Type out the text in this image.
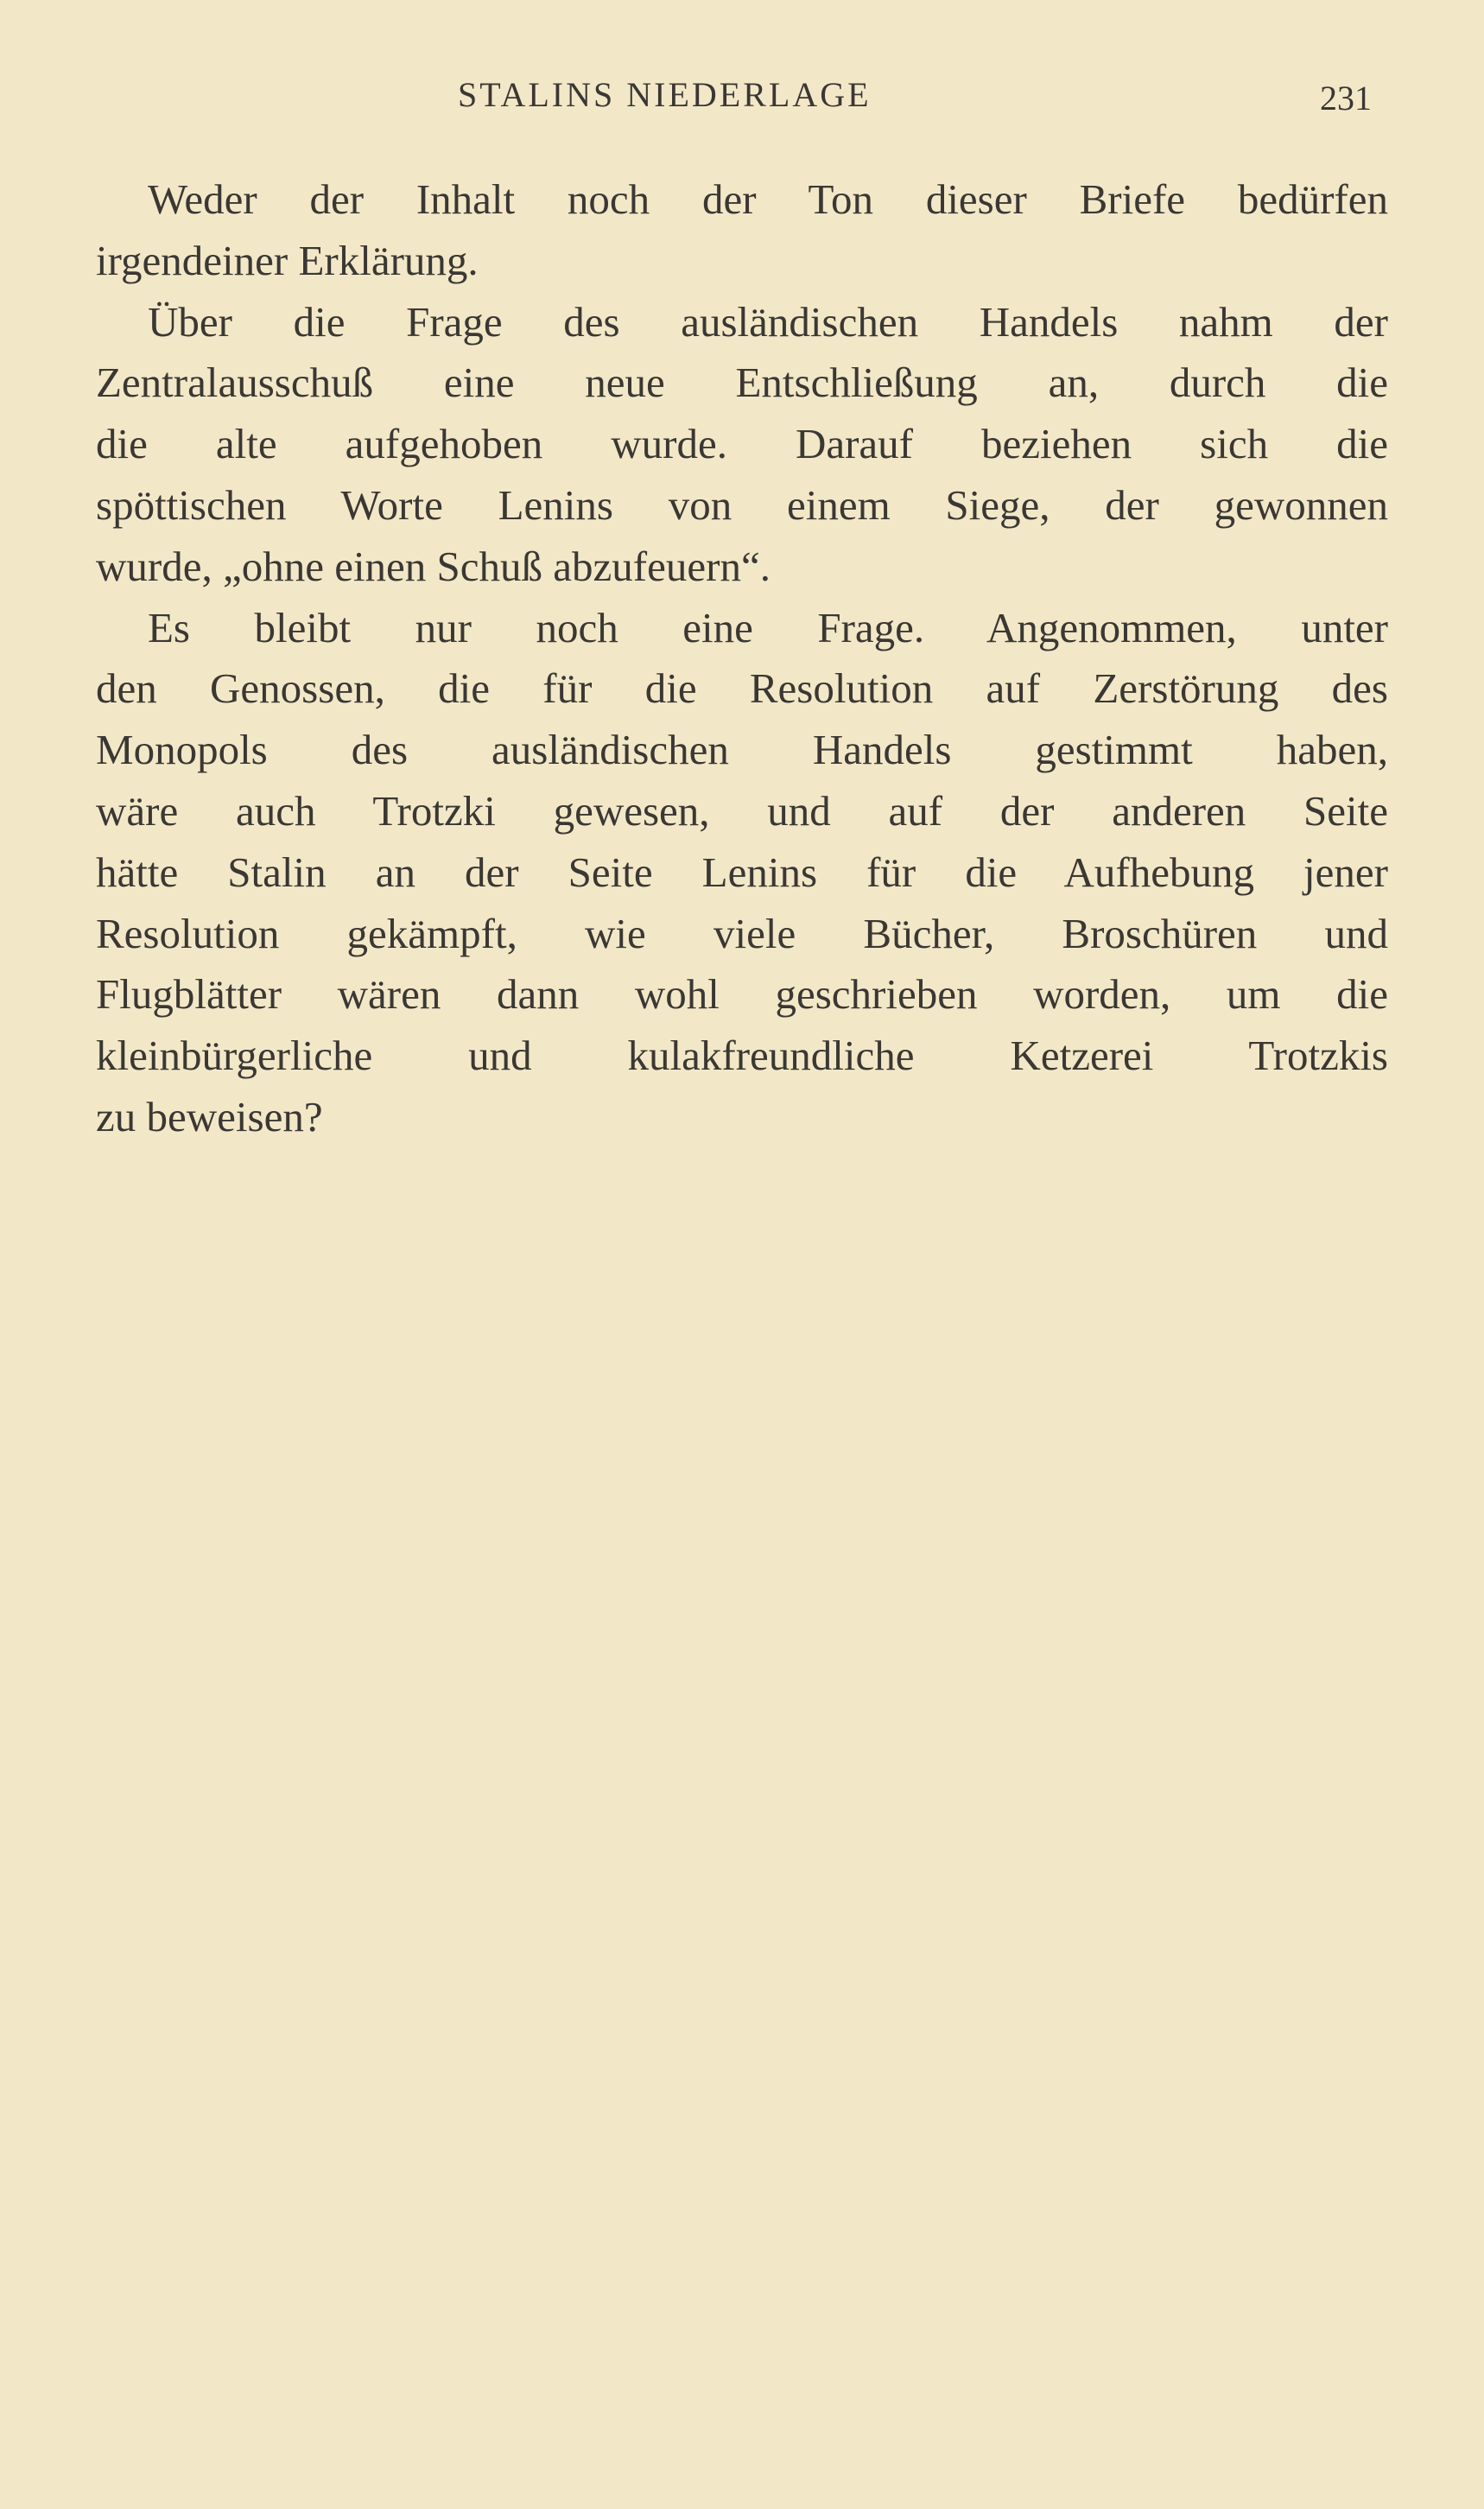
STALINS NIEDERLAGE	231
Weder der Inhalt noch der Ton dieser Briefe bedürfen
irgendeiner Erklärung.
Über die Frage des ausländischen Handels nahm der
Zentralausschuß eine neue Entschließung an, durch die
die alte aufgehoben wurde. Darauf beziehen sich die
spöttischen Worte Lenins von einem Siege, der gewonnen
wurde, „ohne einen Schuß abzufeuern“.
Es bleibt nur noch eine Frage. Angenommen, unter
den Genossen, die für die Resolution auf Zerstörung des
Monopols des ausländischen Handels gestimmt haben,
wäre auch Trotzki gewesen, und auf der anderen Seite
hätte Stalin an der Seite Lenins für die Aufhebung jener
Resolution gekämpft, wie viele Bücher, Broschüren und
Flugblätter wären dann wohl geschrieben worden, um die
kleinbürgerliche und kulakfreundliche Ketzerei Trotzkis
zu beweisen?
